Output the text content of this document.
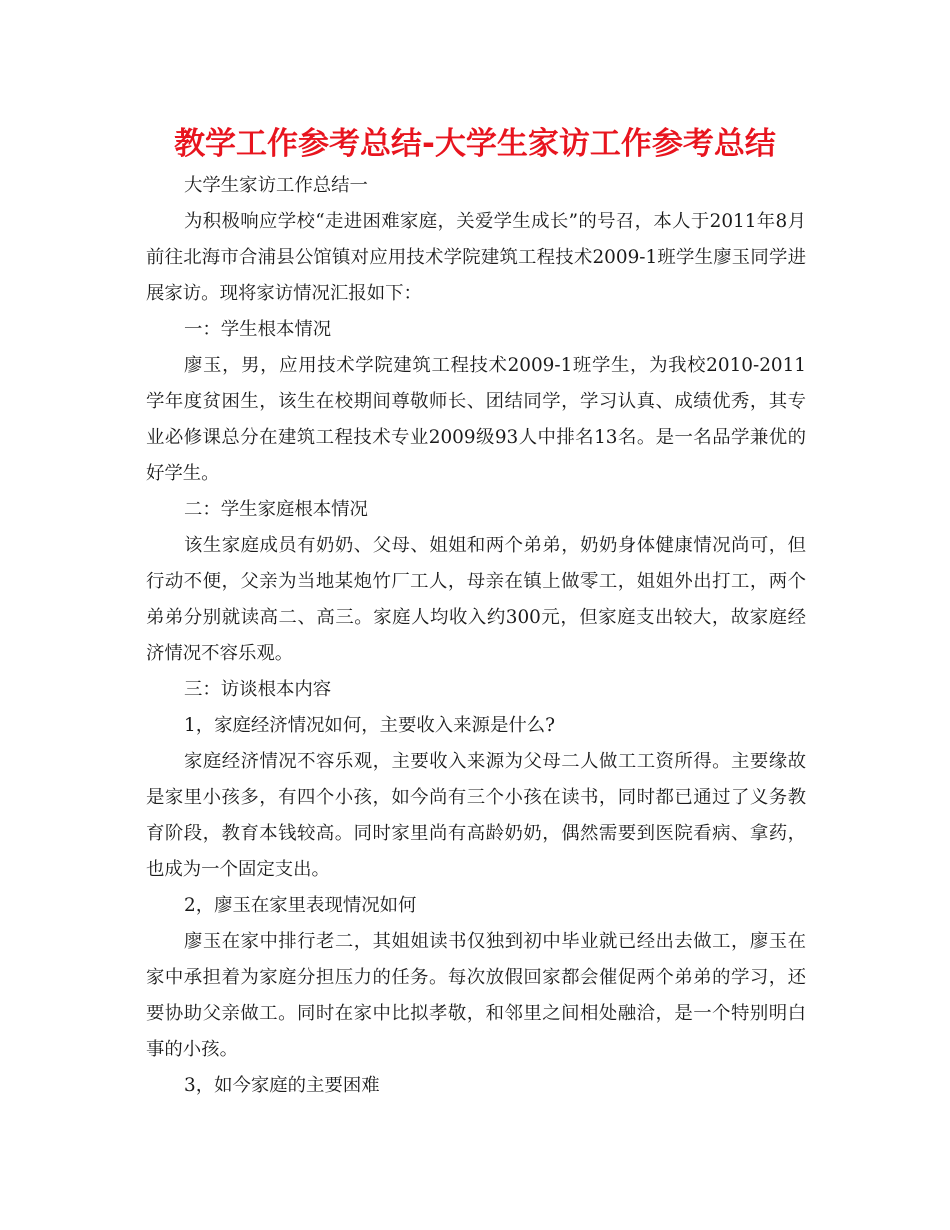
教学工作参考总结-大学生家访工作参考总结

大学生家访工作总结一

为积极响应学校“走进困难家庭，关爱学生成长”的号召，本人于2011年8月前往北海市合浦县公馆镇对应用技术学院建筑工程技术2009-1班学生廖玉同学进展家访。现将家访情况汇报如下：

一：学生根本情况

廖玉，男，应用技术学院建筑工程技术2009-1班学生，为我校2010-2011学年度贫困生，该生在校期间尊敬师长、团结同学，学习认真、成绩优秀，其专业必修课总分在建筑工程技术专业2009级93人中排名13名。是一名品学兼优的好学生。

二：学生家庭根本情况

该生家庭成员有奶奶、父母、姐姐和两个弟弟，奶奶身体健康情况尚可，但行动不便，父亲为当地某炮竹厂工人，母亲在镇上做零工，姐姐外出打工，两个弟弟分别就读高二、高三。家庭人均收入约300元，但家庭支出较大，故家庭经济情况不容乐观。

三：访谈根本内容

1，家庭经济情况如何，主要收入来源是什么?

家庭经济情况不容乐观，主要收入来源为父母二人做工工资所得。主要缘故是家里小孩多，有四个小孩，如今尚有三个小孩在读书，同时都已通过了义务教育阶段，教育本钱较高。同时家里尚有高龄奶奶，偶然需要到医院看病、拿药，也成为一个固定支出。

2，廖玉在家里表现情况如何

廖玉在家中排行老二，其姐姐读书仅独到初中毕业就已经出去做工，廖玉在家中承担着为家庭分担压力的任务。每次放假回家都会催促两个弟弟的学习，还要协助父亲做工。同时在家中比拟孝敬，和邻里之间相处融洽，是一个特别明白事的小孩。

3，如今家庭的主要困难
